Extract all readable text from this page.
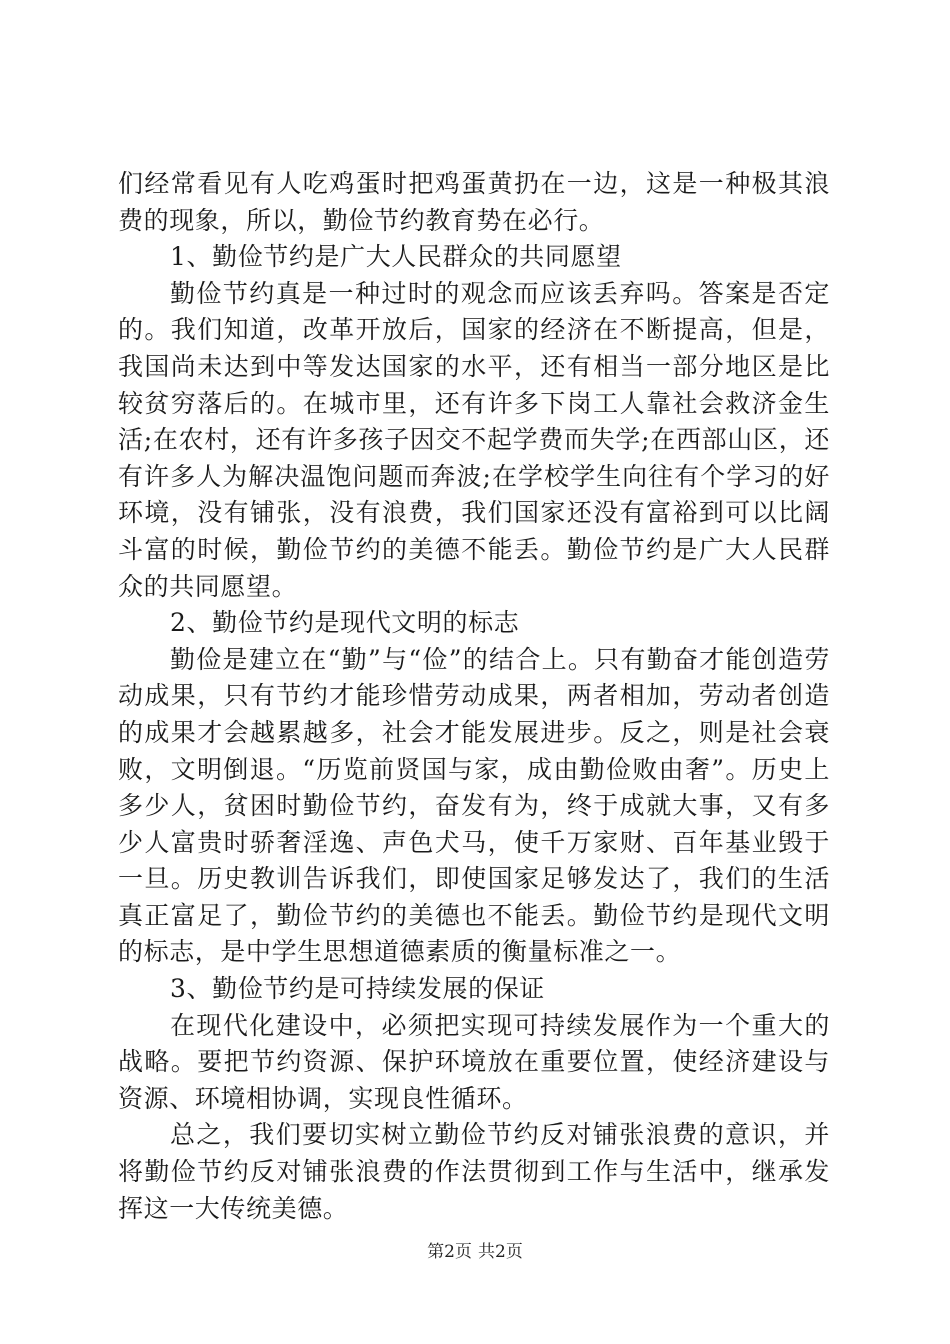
们经常看见有人吃鸡蛋时把鸡蛋黄扔在一边，这是一种极其浪费的现象，所以，勤俭节约教育势在必行。

1、勤俭节约是广大人民群众的共同愿望

勤俭节约真是一种过时的观念而应该丢弃吗。答案是否定的。我们知道，改革开放后，国家的经济在不断提高，但是，我国尚未达到中等发达国家的水平，还有相当一部分地区是比较贫穷落后的。在城市里，还有许多下岗工人靠社会救济金生活;在农村，还有许多孩子因交不起学费而失学;在西部山区，还有许多人为解决温饱问题而奔波;在学校学生向往有个学习的好环境，没有铺张，没有浪费，我们国家还没有富裕到可以比阔斗富的时候，勤俭节约的美德不能丢。勤俭节约是广大人民群众的共同愿望。

2、勤俭节约是现代文明的标志

勤俭是建立在“勤”与“俭”的结合上。只有勤奋才能创造劳动成果，只有节约才能珍惜劳动成果，两者相加，劳动者创造的成果才会越累越多，社会才能发展进步。反之，则是社会衰败，文明倒退。“历览前贤国与家，成由勤俭败由奢”。历史上多少人，贫困时勤俭节约，奋发有为，终于成就大事，又有多少人富贵时骄奢淫逸、声色犬马，使千万家财、百年基业毁于一旦。历史教训告诉我们，即使国家足够发达了，我们的生活真正富足了，勤俭节约的美德也不能丢。勤俭节约是现代文明的标志，是中学生思想道德素质的衡量标准之一。

3、勤俭节约是可持续发展的保证

在现代化建设中，必须把实现可持续发展作为一个重大的战略。要把节约资源、保护环境放在重要位置，使经济建设与资源、环境相协调，实现良性循环。

总之，我们要切实树立勤俭节约反对铺张浪费的意识，并将勤俭节约反对铺张浪费的作法贯彻到工作与生活中，继承发挥这一大传统美德。

第2页 共2页
